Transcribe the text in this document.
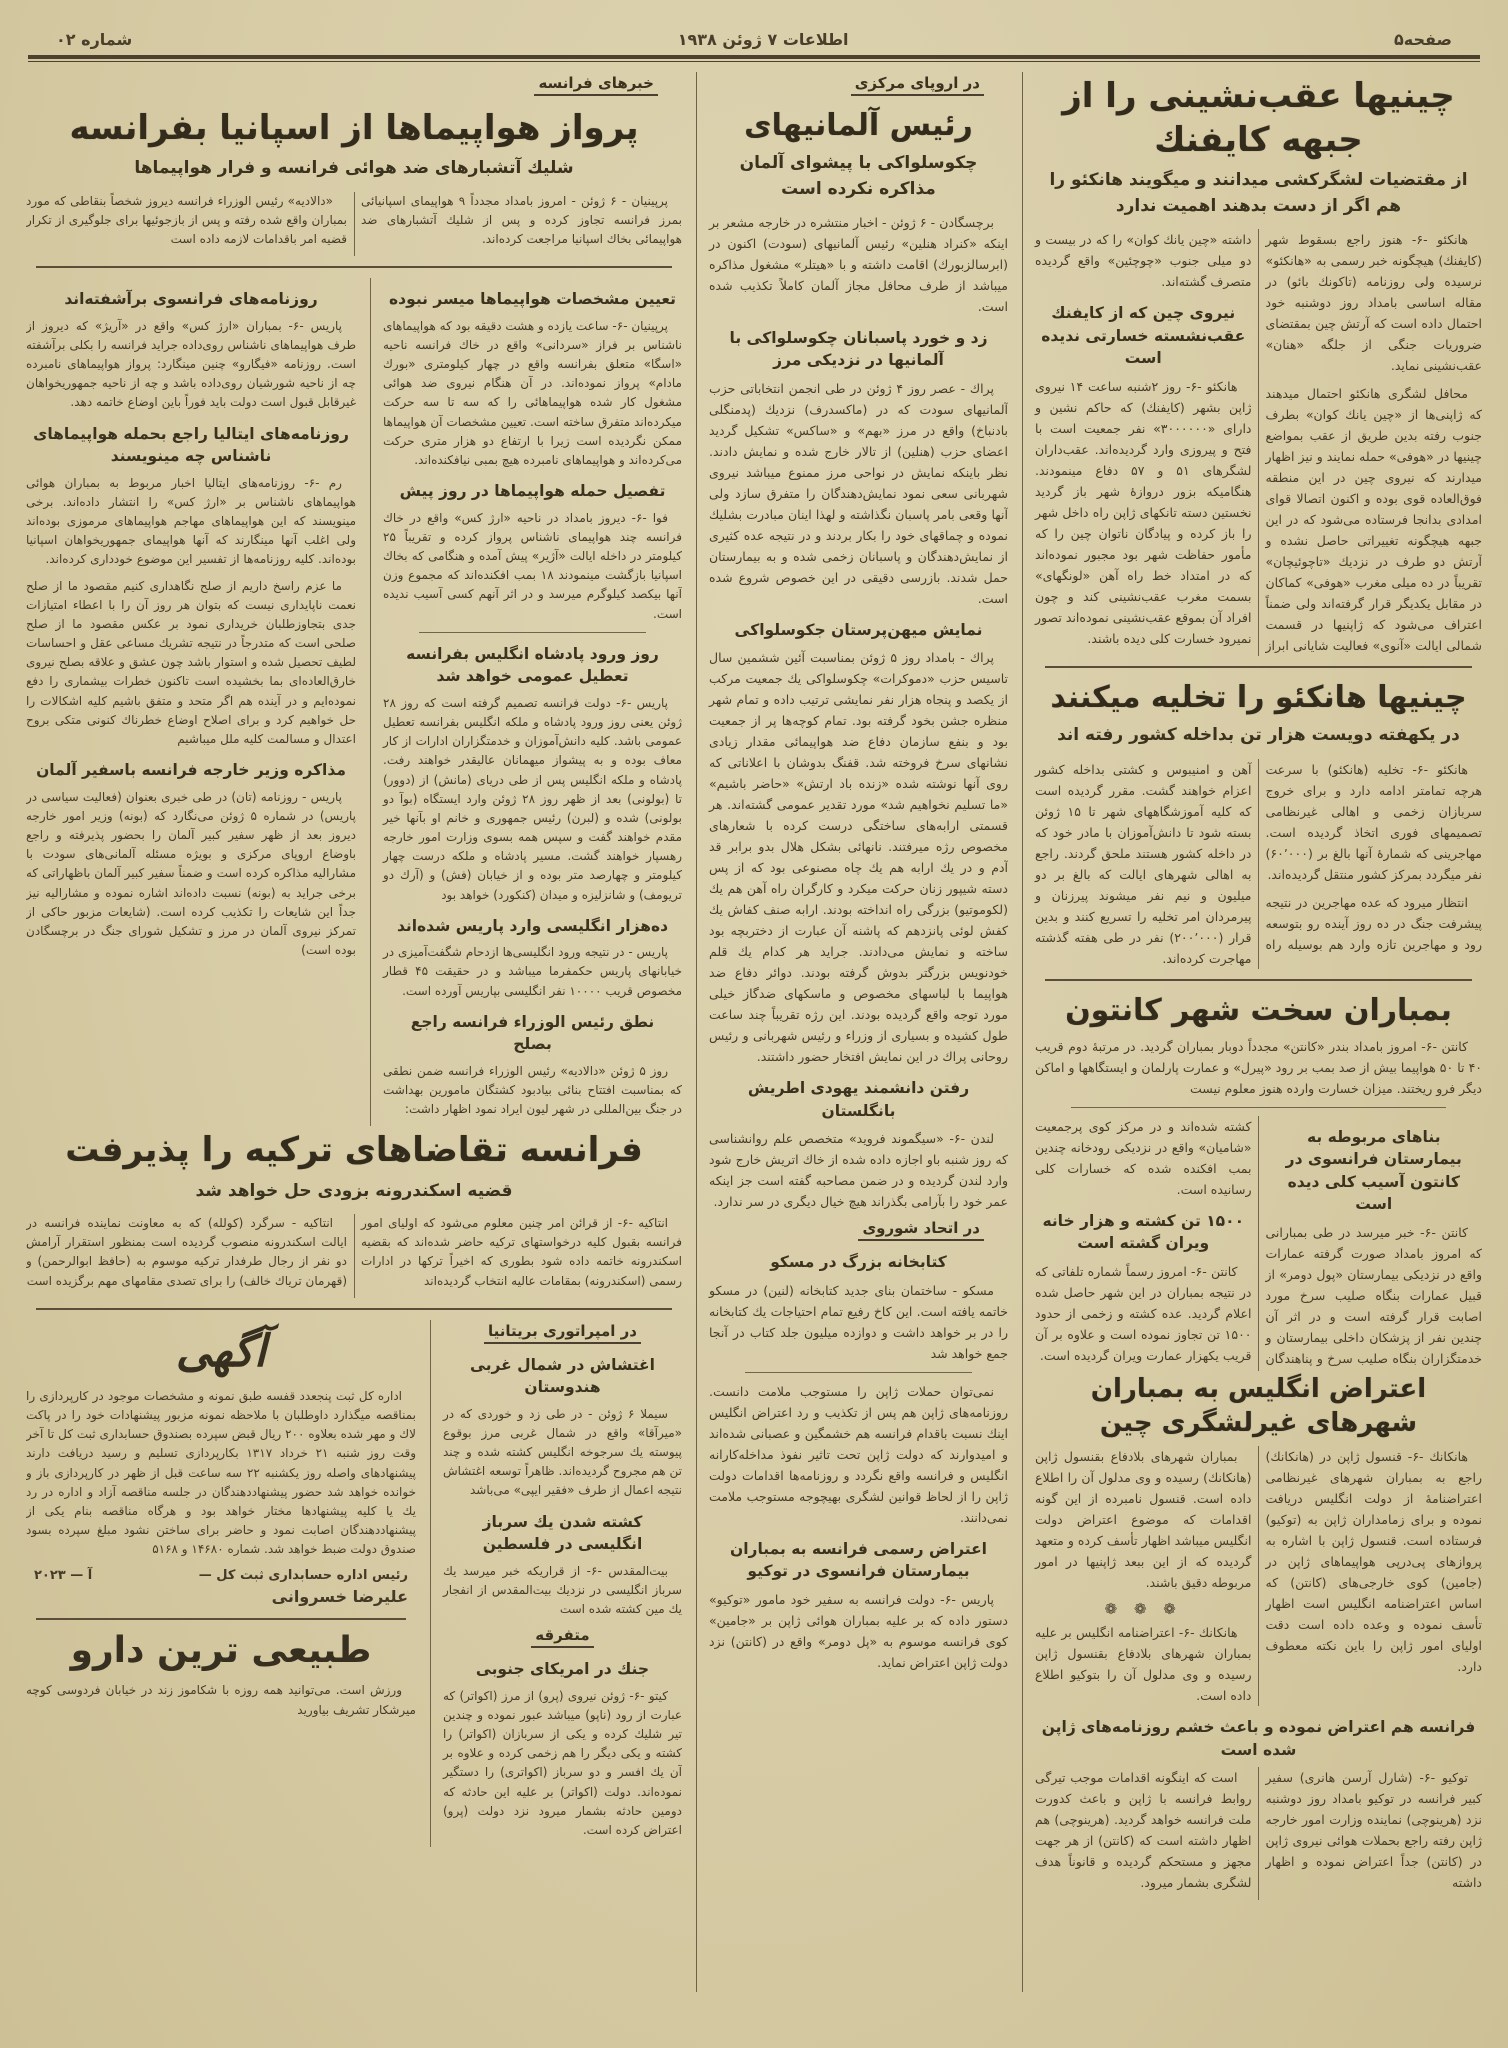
صفحه۵
اطلاعات ۷ ژوئن ۱۹۳۸
شماره ۰۲
چینیها عقب‌نشینی را از جبهه کایفنك

از مقتضیات لشگرکشی میدانند و میگویند هانکئو را هم اگر از دست بدهند اهمیت ندارد

هانکئو -۶- هنوز راجع بسقوط شهر (کایفنك) هیچگونه خبر رسمی به «هانکئو» نرسیده ولی روزنامه (تاکونك بائو) در مقاله اساسی بامداد روز دوشنبه خود احتمال داده است که آرتش چین بمقتضای ضروریات جنگی از جلگه «هنان» عقب‌نشینی نماید.

محافل لشگری هانکئو احتمال میدهند که ژاپنی‌ها از «چین یانك کوان» بطرف جنوب رفته بدین طریق از عقب بمواضع چینیها در «هوفی» حمله نمایند و نیز اظهار میدارند که نیروی چین در این منطقه فوق‌العاده قوی بوده و اکنون اتصالا قوای امدادی بدانجا فرستاده می‌شود که در این جبهه هیچگونه تغییراتی حاصل نشده و آرتش دو طرف در نزدیك «تاچوئیچان» تقریباً در ده میلی مغرب «هوفی» کماکان در مقابل یکدیگر قرار گرفته‌اند ولی ضمناً اعتراف می‌شود که ژاپنیها در قسمت شمالی ایالت «آنوی» فعالیت شایانی ابراز داشته «چین یانك کوان» را که در بیست و دو میلی جنوب «چوچئین» واقع گردیده متصرف گشته‌اند.

نیروی چین که از کایفنك عقب‌نشسته خسارتی ندیده است

هانکئو -۶- روز ۲شنبه ساعت ۱۴ نیروی ژاپن بشهر (کایفنك) که حاکم نشین و دارای «۳۰۰۰۰۰۰» نفر جمعیت است با فتح و پیروزی وارد گردیده‌اند. عقب‌داران لشگرهای ۵۱ و ۵۷ دفاع مینمودند. هنگامیکه بزور دروازهٔ شهر باز گردید نخستین دسته تانکهای ژاپن راه داخل شهر را باز کرده و پیادگان ناتوان چین را که مأمور حفاظت شهر بود مجبور نموده‌اند که در امتداد خط راه آهن «لونگهای» بسمت مغرب عقب‌نشینی کند و چون افراد آن بموقع عقب‌نشینی نموده‌اند تصور نمیرود خسارت کلی دیده باشند.

چینیها هانکئو را تخلیه میکنند

در یکهفته دویست هزار تن بداخله کشور رفته اند

هانکئو -۶- تخلیه (هانکئو) با سرعت هرچه تمامتر ادامه دارد و برای خروج سربازان زخمی و اهالی غیرنظامی تصمیمهای فوری اتخاذ گردیده است. مهاجرینی که شمارهٔ آنها بالغ بر (۶۰٬۰۰۰) نفر میگردد بمرکز کشور منتقل گردیده‌اند.

انتظار میرود که عده مهاجرین در نتیجه پیشرفت جنگ در ده روز آینده رو بتوسعه رود و مهاجرین تازه وارد هم بوسیله راه آهن و امنیبوس و کشتی بداخله کشور اعزام خواهند گشت. مقرر گردیده است که کلیه آموزشگاههای شهر تا ۱۵ ژوئن بسته شود تا دانش‌آموزان با مادر خود که در داخله کشور هستند ملحق گردند. راجع به اهالی شهرهای ایالت که بالغ بر دو میلیون و نیم نفر میشوند پیرزنان و پیرمردان امر تخلیه را تسریع کنند و بدین قرار (۲۰۰٬۰۰۰) نفر در طی هفته گذشته مهاجرت کرده‌اند.

بمباران سخت شهر کانتون

کانتن -۶- امروز بامداد بندر «کانتن» مجدداً دوبار بمباران گردید. در مرتبهٔ دوم قریب ۴۰ تا ۵۰ هواپیما بیش از صد بمب بر رود «پیرل» و عمارت پارلمان و ایستگاهها و اماکن دیگر فرو ریختند. میزان خسارت وارده هنوز معلوم نیست

بناهای مربوطه به بیمارستان فرانسوی در کانتون آسیب کلی دیده است

کانتن -۶- خبر میرسد در طی بمبارانی که امروز بامداد صورت گرفته عمارات واقع در نزدیکی بیمارستان «پول دومر» از قبیل عمارات بنگاه صلیب سرخ مورد اصابت قرار گرفته است و در اثر آن چندین نفر از پزشکان داخلی بیمارستان و خدمتگزاران بنگاه صلیب سرخ و پناهندگان کشته شده‌اند و در مرکز کوی پرجمعیت «شامیان» واقع در نزدیکی رودخانه چندین بمب افکنده شده که خسارات کلی رسانیده است.

۱۵۰۰ تن کشته و هزار خانه ویران گشته است

کانتن -۶- امروز رسماً شماره تلفاتی که در نتیجه بمباران در این شهر حاصل شده اعلام گردید. عده کشته و زخمی از حدود ۱۵۰۰ تن تجاوز نموده است و علاوه بر آن قریب یکهزار عمارت ویران گردیده است.

اعتراض انگلیس به بمباران شهرهای غیرلشگری چین

هانکانك -۶- قنسول ژاپن در (هانکانك) راجع به بمباران شهرهای غیرنظامی اعتراضنامهٔ از دولت انگلیس دریافت نموده و برای زمامداران ژاپن به (توکیو) فرستاده است. قنسول ژاپن با اشاره به پروازهای پی‌درپی هواپیماهای ژاپن در (جامین) کوی خارجی‌های (کانتن) که اساس اعتراضنامه انگلیس است اظهار تأسف نموده و وعده داده است دقت اولیای امور ژاپن را باین نکته معطوف دارد.

بمباران شهرهای بلادفاع بقنسول ژاپن (هانکانك) رسیده و وی مدلول آن را اطلاع داده است. قنسول نامبرده از این گونه اقدامات که موضوع اعتراض دولت انگلیس میباشد اظهار تأسف کرده و متعهد گردیده که از این ببعد ژاپنیها در امور مربوطه دقیق باشند.

❁ ❁ ❁

هانکانك -۶- اعتراضنامه انگلیس بر علیه بمباران شهرهای بلادفاع بقنسول ژاپن رسیده و وی مدلول آن را بتوکیو اطلاع داده است.

فرانسه هم اعتراض نموده و باعث خشم روزنامه‌های ژاپن شده است

توکیو -۶- (شارل آرسن هانری) سفیر کبیر فرانسه در توکیو بامداد روز دوشنبه نزد (هرینوچی) نماینده وزارت امور خارجه ژاپن رفته راجع بحملات هوائی نیروی ژاپن در (کانتن) جداً اعتراض نموده و اظهار داشته

است که اینگونه اقدامات موجب تیرگی روابط فرانسه با ژاپن و باعث کدورت ملت فرانسه خواهد گردید. (هرینوچی) هم اظهار داشته است که (کانتن) از هر جهت مجهز و مستحکم گردیده و قانوناً هدف لشگری بشمار میرود.

در اروپای مرکزی
رئیس آلمانیهای

چکوسلواکی با پیشوای آلمان مذاکره نکرده است

برچسگادن - ۶ ژوئن - اخبار منتشره در خارجه مشعر بر اینکه «کنراد هنلین» رئیس آلمانیهای (سودت) اکنون در (ابرسالزبورك) اقامت داشته و با «هیتلر» مشغول مذاکره میباشد از طرف محافل مجاز آلمان کاملاً تکذیب شده است.

زد و خورد پاسبانان چکوسلواکی با آلمانیها در نزدیکی مرز

پراك - عصر روز ۴ ژوئن در طی انجمن انتخاباتی حزب آلمانیهای سودت که در (ماکسدرف) نزدیك (پدمنگلی بادنباخ) واقع در مرز «بهم» و «ساکس» تشکیل گردید اعضای حزب (هنلین) از تالار خارج شده و نمایش دادند. نظر باینکه نمایش در نواحی مرز ممنوع میباشد نیروی شهربانی سعی نمود نمایش‌دهندگان را متفرق سازد ولی آنها وقعی بامر پاسبان نگذاشته و لهذا اینان مبادرت بشلیك نموده و چماقهای خود را بکار بردند و در نتیجه عده کثیری از نمایش‌دهندگان و پاسبانان زخمی شده و به بیمارستان حمل شدند. بازرسی دقیقی در این خصوص شروع شده است.

نمایش میهن‌پرستان جکوسلواکی

پراك - بامداد روز ۵ ژوئن بمناسبت آئین ششمین سال تاسیس حزب «دموکرات» چکوسلواکی یك جمعیت مرکب از یکصد و پنجاه هزار نفر نمایشی ترتیب داده و تمام شهر منظره جشن بخود گرفته بود. تمام کوچه‌ها پر از جمعیت بود و بنفع سازمان دفاع ضد هواپیمائی مقدار زیادی نشانهای سرخ فروخته شد. قفنگ بدوشان با اعلاناتی که روی آنها نوشته شده «زنده باد ارتش» «حاضر باشیم» «ما تسلیم نخواهیم شد» مورد تقدیر عمومی گشته‌اند. هر قسمتی ارابه‌های ساختگی درست کرده با شعارهای مخصوص رژه میرفتند. نانهائی بشکل هلال بدو برابر قد آدم و در یك ارابه هم یك چاه مصنوعی بود که از پس دسته شیپور زنان حرکت میکرد و کارگران راه آهن هم یك (لکوموتیو) بزرگی راه انداخته بودند. ارابه صنف کفاش یك کفش لوئی پانزدهم که پاشنه آن عبارت از دختربچه بود ساخته و نمایش می‌دادند. جراید هر کدام یك قلم خودنویس بزرگتر بدوش گرفته بودند. دوائر دفاع ضد هواپیما با لباسهای مخصوص و ماسکهای ضدگاز خیلی مورد توجه واقع گردیده بودند. این رژه تقریباً چند ساعت طول کشیده و بسیاری از وزراء و رئیس شهربانی و رئیس روحانی پراك در این نمایش افتخار حضور داشتند.

رفتن دانشمند یهودی اطریش بانگلستان

لندن -۶- «سیگموند فروید» متخصص علم روانشناسی که روز شنبه باو اجازه داده شده از خاك اتریش خارج شود وارد لندن گردیده و در ضمن مصاحبه گفته است جز اینکه عمر خود را بآرامی بگذراند هیچ خیال دیگری در سر ندارد.

در اتحاد شوروی
کتابخانه بزرگ در مسکو

مسکو - ساختمان بنای جدید کتابخانه (لنین) در مسکو خاتمه یافته است. این کاخ رفیع تمام احتیاجات یك کتابخانه را در بر خواهد داشت و دوازده میلیون جلد کتاب در آنجا جمع خواهد شد

نمی‌توان حملات ژاپن را مستوجب ملامت دانست. روزنامه‌های ژاپن هم پس از تکذیب و رد اعتراض انگلیس اینك نسبت باقدام فرانسه هم خشمگین و عصبانی شده‌اند و امیدوارند که دولت ژاپن تحت تاثیر نفوذ مداخله‌کارانه انگلیس و فرانسه واقع نگردد و روزنامه‌ها اقدامات دولت ژاپن را از لحاظ قوانین لشگری بهیچوجه مستوجب ملامت نمی‌دانند.

اعتراض رسمی فرانسه به بمباران بیمارستان فرانسوی در توکیو

پاریس -۶- دولت فرانسه به سفیر خود مامور «توکیو» دستور داده که بر علیه بمباران هوائی ژاپن بر «جامین» کوی فرانسه موسوم به «پل دومر» واقع در (کانتن) نزد دولت ژاپن اعتراض نماید.

خبرهای فرانسه
پرواز هواپیماها از اسپانیا بفرانسه

شلیك آتشبارهای ضد هوائی فرانسه و فرار هواپیماها

پرپینیان - ۶ ژوئن - امروز بامداد مجدداً ۹ هواپیمای اسپانیائی بمرز فرانسه تجاوز کرده و پس از شلیك آتشبارهای ضد هواپیمائی بخاك اسپانیا مراجعت کرده‌اند.

«دالادیه» رئیس الوزراء فرانسه دیروز شخصاً بنقاطی که مورد بمباران واقع شده رفته و پس از بازجوئیها برای جلوگیری از تکرار قضیه امر باقدامات لازمه داده است

تعیین مشخصات هواپیماها میسر نبوده

پرپینیان -۶- ساعت یازده و هشت دقیقه بود که هواپیماهای ناشناس بر فراز «سردانی» واقع در خاك فرانسه ناحیه «اسگا» متعلق بفرانسه واقع در چهار کیلومتری «بورك مادام» پرواز نموده‌اند. در آن هنگام نیروی ضد هوائی مشغول کار شده هواپیماهائی را که سه تا سه حرکت میکرده‌اند متفرق ساخته است. تعیین مشخصات آن هواپیماها ممکن نگردیده است زیرا با ارتفاع دو هزار متری حرکت می‌کرده‌اند و هواپیماهای نامبرده هیچ بمبی نیافکنده‌اند.

تفصیل حمله هواپیماها در روز پیش

فوا -۶- دیروز بامداد در ناحیه «ارژ کس» واقع در خاك فرانسه چند هواپیمای ناشناس پرواز کرده و تقریباً ۲۵ کیلومتر در داخله ایالت «آژیر» پیش آمده و هنگامی که بخاك اسپانیا بازگشت مینمودند ۱۸ بمب افکنده‌اند که مجموع وزن آنها بیکصد کیلوگرم میرسد و در اثر آنهم کسی آسیب ندیده است.

روز ورود پادشاه انگلیس بفرانسه تعطیل عمومی خواهد شد

پاریس -۶- دولت فرانسه تصمیم گرفته است که روز ۲۸ ژوئن یعنی روز ورود پادشاه و ملکه انگلیس بفرانسه تعطیل عمومی باشد. کلیه دانش‌آموزان و خدمتگزاران ادارات از کار معاف بوده و به پیشواز میهمانان عالیقدر خواهند رفت. پادشاه و ملکه انگلیس پس از طی دریای (مانش) از (دوور) تا (بولونی) بعد از ظهر روز ۲۸ ژوئن وارد ایستگاه (بوآ دو بولونی) شده و (لبرن) رئیس جمهوری و خانم او بآنها خیر مقدم خواهند گفت و سپس همه بسوی وزارت امور خارجه رهسپار خواهند گشت. مسیر پادشاه و ملکه درست چهار کیلومتر و چهارصد متر بوده و از خیابان (فش) و (آرك دو تریومف) و شانزلیزه و میدان (کنکورد) خواهد بود

ده‌هزار انگلیسی وارد پاریس شده‌اند

پاریس - در نتیجه ورود انگلیسی‌ها ازدحام شگفت‌آمیزی در خیابانهای پاریس حکمفرما میباشد و در حقیقت ۴۵ قطار مخصوص قریب ۱۰۰۰۰ نفر انگلیسی بپاریس آورده است.

نطق رئیس الوزراء فرانسه راجع بصلح

روز ۵ ژوئن «دالادیه» رئیس الوزراء فرانسه ضمن نطقی که بمناسبت افتتاح بنائی بیادبود کشتگان مامورین بهداشت در جنگ بین‌المللی در شهر لیون ایراد نمود اظهار داشت:

روزنامه‌های فرانسوی برآشفته‌اند

پاریس -۶- بمباران «ارژ کس» واقع در «آریژ» که دیروز از طرف هواپیماهای ناشناس روی‌داده جراید فرانسه را بکلی برآشفته است. روزنامه «فیگارو» چنین مینگارد: پرواز هواپیماهای نامبرده چه از ناحیه شورشیان روی‌داده باشد و چه از ناحیه جمهوریخواهان غیرقابل قبول است دولت باید فوراً باین اوضاع خاتمه دهد.

روزنامه‌های ایتالیا راجع بحمله هواپیماهای ناشناس چه مینویسند

رم -۶- روزنامه‌های ایتالیا اخبار مربوط به بمباران هوائی هواپیماهای ناشناس بر «ارژ کس» را انتشار داده‌اند. برخی مینویسند که این هواپیماهای مهاجم هواپیماهای مرموزی بوده‌اند ولی اغلب آنها مینگارند که آنها هواپیمای جمهوریخواهان اسپانیا بوده‌اند. کلیه روزنامه‌ها از تفسیر این موضوع خودداری کرده‌اند.

ما عزم راسخ داریم از صلح نگاهداری کنیم مقصود ما از صلح نعمت ناپایداری نیست که بتوان هر روز آن را با اعطاء امتیازات جدی بتجاوزطلبان خریداری نمود بر عکس مقصود ما از صلح صلحی است که متدرجاً در نتیجه تشریك مساعی عقل و احساسات لطیف تحصیل شده و استوار باشد چون عشق و علاقه بصلح نیروی خارق‌العاده‌ای بما بخشیده است تاکنون خطرات بیشماری را دفع نموده‌ایم و در آینده هم اگر متحد و متفق باشیم کلیه اشکالات را حل خواهیم کرد و برای اصلاح اوضاع خطرناك کنونی متکی بروح اعتدال و مسالمت کلیه ملل میباشیم

مذاکره وزیر خارجه فرانسه باسفیر آلمان

پاریس - روزنامه (تان) در طی خبری بعنوان (فعالیت سیاسی در پاریس) در شماره ۵ ژوئن می‌نگارد که (بونه) وزیر امور خارجه دیروز بعد از ظهر سفیر کبیر آلمان را بحضور پذیرفته و راجع باوضاع اروپای مرکزی و بویژه مسئله آلمانی‌های سودت با مشارالیه مذاکره کرده است و ضمناً سفیر کبیر آلمان باظهاراتی که برخی جراید به (بونه) نسبت داده‌اند اشاره نموده و مشارالیه نیز جداً این شایعات را تکذیب کرده است. (شایعات مزبور حاکی از تمرکز نیروی آلمان در مرز و تشکیل شورای جنگ در برچسگادن بوده است)

فرانسه تقاضاهای ترکیه را پذیرفت

قضیه اسکندرونه بزودی حل خواهد شد

انتاکیه -۶- از قرائن امر چنین معلوم می‌شود که اولیای امور فرانسه بقبول کلیه درخواستهای ترکیه حاضر شده‌اند که بقضیه اسکندرونه خاتمه داده شود بطوری که اخیراً ترکها در ادارات رسمی (اسکندرونه) بمقامات عالیه انتخاب گردیده‌اند

انتاکیه - سرگرد (کولله) که به معاونت نماینده فرانسه در ایالت اسکندرونه منصوب گردیده است بمنظور استقرار آرامش دو نفر از رجال طرفدار ترکیه موسوم به (حافظ ابوالرحمن) و (قهرمان تریاك خالف) را برای تصدی مقامهای مهم برگزیده است

در امپراتوری بریتانیا
اغتشاش در شمال غربی هندوستان

سیملا ۶ ژوئن - در طی زد و خوردی که در «میرآقا» واقع در شمال غربی مرز بوقوع پیوسته یك سرجوخه انگلیس کشته شده و چند تن هم مجروح گردیده‌اند. ظاهراً توسعه اغتشاش نتیجه اعمال از طرف «فقیر ایپی» می‌باشد

کشته شدن یك سرباز انگلیسی در فلسطین

بیت‌المقدس -۶- از قراریکه خبر میرسد یك سرباز انگلیسی در نزدیك بیت‌المقدس از انفجار یك مین کشته شده است

متفرقه
جنك در امریکای جنوبی

کیتو -۶- ژوئن نیروی (پرو) از مرز (اکواتر) که عبارت از رود (ناپو) میباشد عبور نموده و چندین تیر شلیك کرده و یکی از سربازان (اکواتر) را کشته و یکی دیگر را هم زخمی کرده و علاوه بر آن یك افسر و دو سرباز (اکواتری) را دستگیر نموده‌اند. دولت (اکواتر) بر علیه این حادثه که دومین حادثه بشمار میرود نزد دولت (پرو) اعتراض کرده است.

آگهی

اداره کل ثبت پنجعدد قفسه طبق نمونه و مشخصات موجود در کارپردازی را بمناقصه میگذارد داوطلبان با ملاحظه نمونه مزبور پیشنهادات خود را در پاکت لاك و مهر شده بعلاوه ۲۰۰ ریال قبض سپرده بصندوق حسابداری ثبت کل تا آخر وقت روز شنبه ۲۱ خرداد ۱۳۱۷ بکارپردازی تسلیم و رسید دریافت دارند پیشنهادهای واصله روز یکشنبه ۲۲ سه ساعت قبل از ظهر در کارپردازی باز و خوانده خواهد شد حضور پیشنهاددهندگان در جلسه مناقصه آزاد و اداره در رد یك یا کلیه پیشنهادها مختار خواهد بود و هرگاه مناقصه بنام یکی از پیشنهاددهندگان اصابت نمود و حاضر برای ساختن نشود مبلغ سپرده بسود صندوق دولت ضبط خواهد شد. شماره ۱۴۶۸۰ و ۵۱۶۸

رئیس اداره حسابداری ثبت کل —
آ — ۲۰۲۳
علیرضا خسروانی
طبیعی ترین دارو

ورزش است. می‌توانید همه روزه با شکاموز زند در خیابان فردوسی کوچه میرشکار تشریف بیاورید
